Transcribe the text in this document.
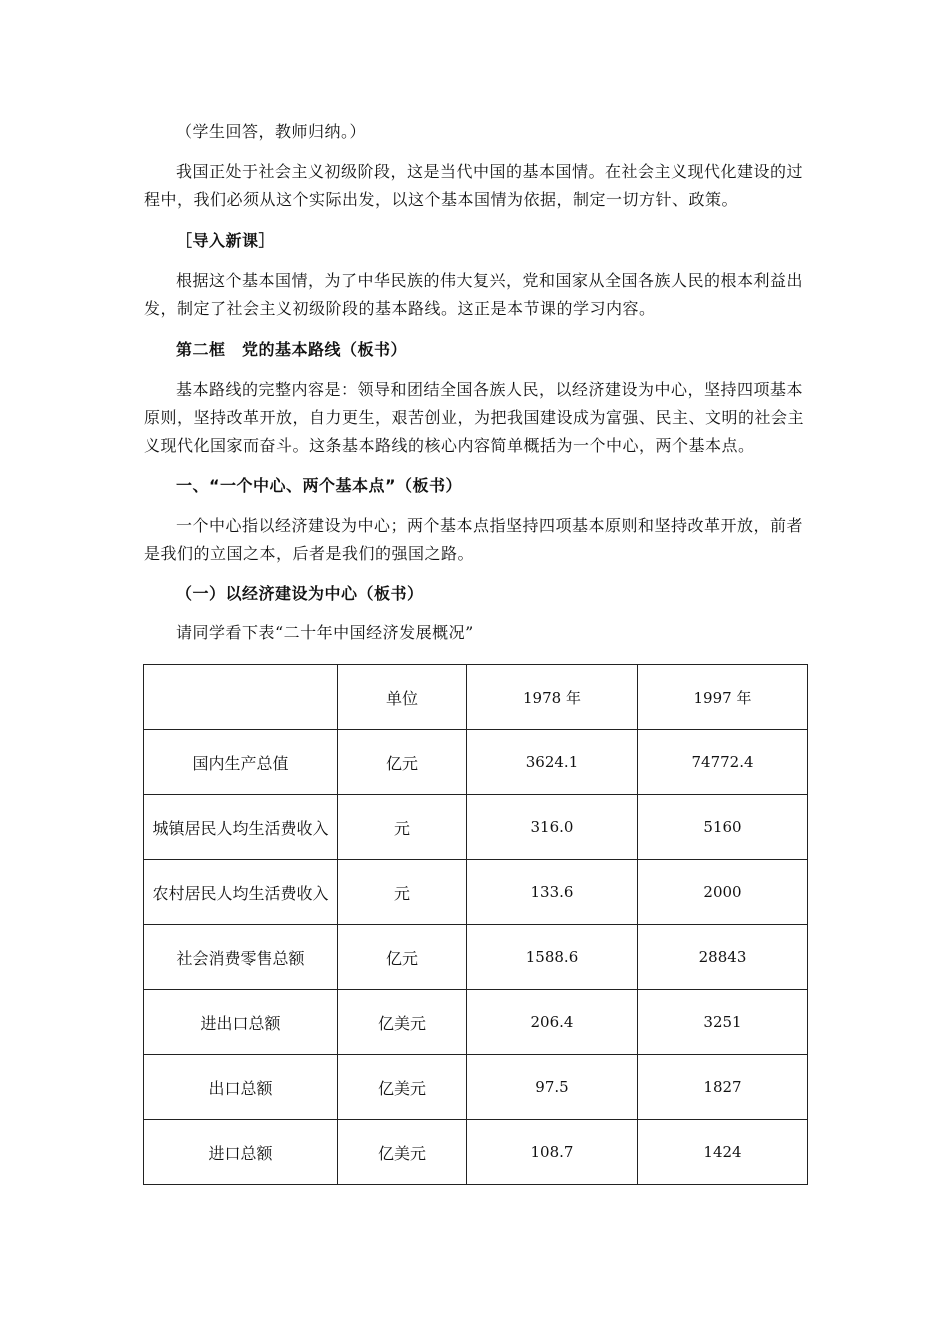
（学生回答，教师归纳。）

我国正处于社会主义初级阶段，这是当代中国的基本国情。在社会主义现代化建设的过程中，我们必须从这个实际出发，以这个基本国情为依据，制定一切方针、政策。

［导入新课］

根据这个基本国情，为了中华民族的伟大复兴，党和国家从全国各族人民的根本利益出发，制定了社会主义初级阶段的基本路线。这正是本节课的学习内容。

第二框　党的基本路线（板书）

基本路线的完整内容是：领导和团结全国各族人民，以经济建设为中心，坚持四项基本原则，坚持改革开放，自力更生，艰苦创业，为把我国建设成为富强、民主、文明的社会主义现代化国家而奋斗。这条基本路线的核心内容简单概括为一个中心，两个基本点。

一、“一个中心、两个基本点”（板书）

一个中心指以经济建设为中心；两个基本点指坚持四项基本原则和坚持改革开放，前者是我们的立国之本，后者是我们的强国之路。

（一）以经济建设为中心（板书）

请同学看下表“二十年中国经济发展概况”

	单位	1978 年	1997 年
国内生产总值	亿元	3624.1	74772.4
城镇居民人均生活费收入	元	316.0	5160
农村居民人均生活费收入	元	133.6	2000
社会消费零售总额	亿元	1588.6	28843
进出口总额	亿美元	206.4	3251
出口总额	亿美元	97.5	1827
进口总额	亿美元	108.7	1424
